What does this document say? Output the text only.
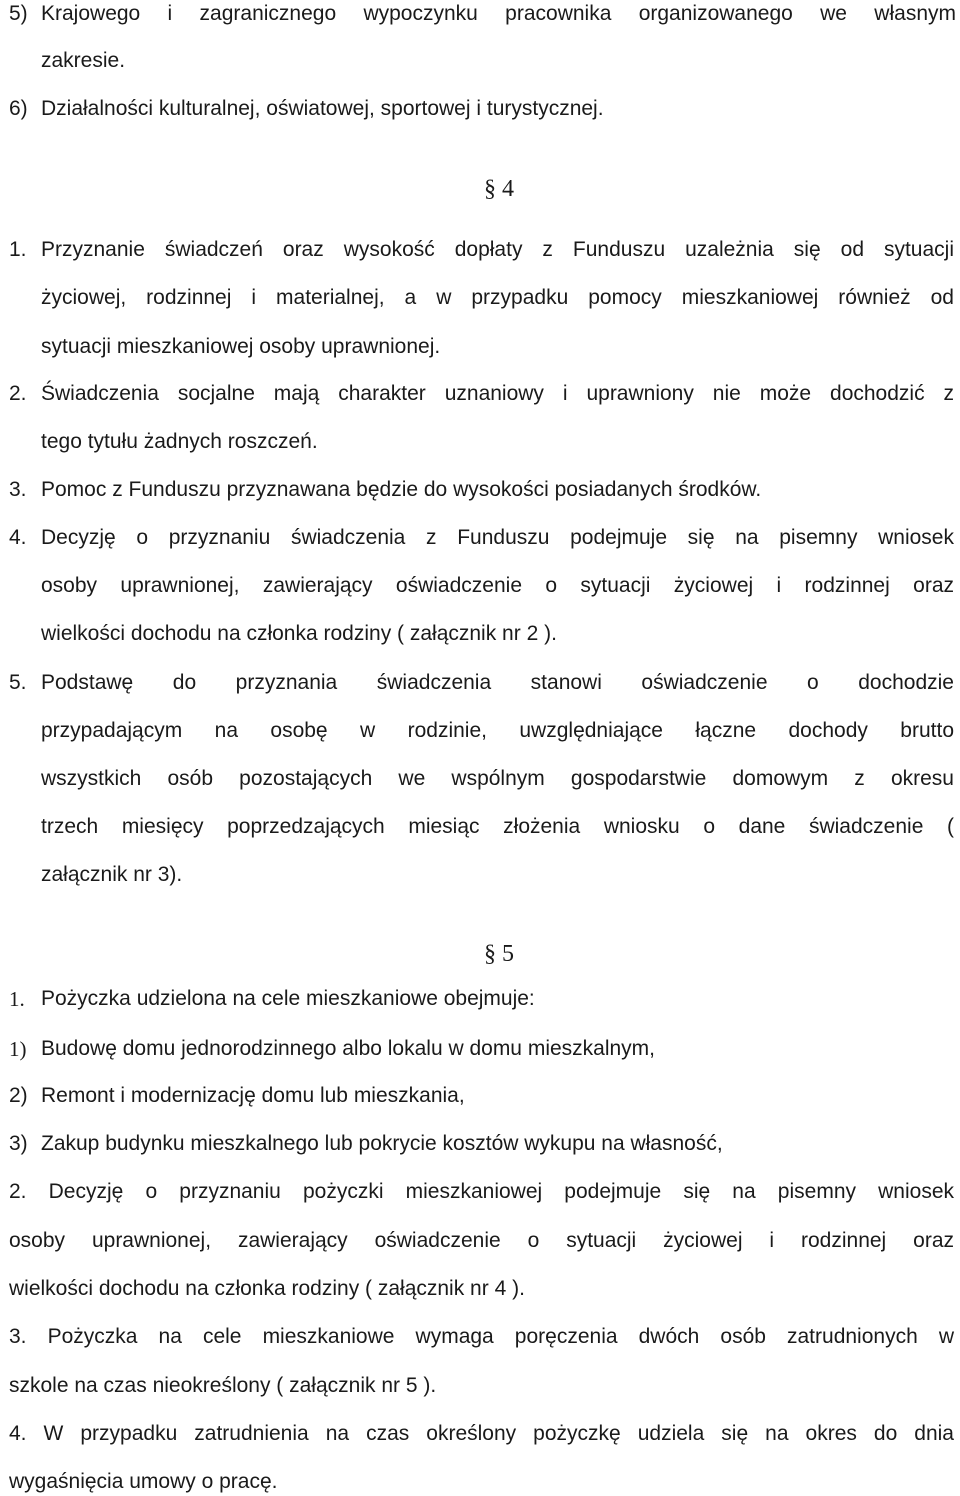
5) Krajowego i zagranicznego wypoczynku pracownika organizowanego we własnym
zakresie.
6) Działalności kulturalnej, oświatowej, sportowej i turystycznej.
§ 4
1. Przyznanie świadczeń oraz wysokość dopłaty z Funduszu uzależnia się od sytuacji
życiowej, rodzinnej i materialnej, a w przypadku pomocy mieszkaniowej również od
sytuacji mieszkaniowej osoby uprawnionej.
2. Świadczenia socjalne mają charakter uznaniowy i uprawniony nie może dochodzić z
tego tytułu żadnych roszczeń.
3. Pomoc z Funduszu przyznawana będzie do wysokości posiadanych środków.
4. Decyzję o przyznaniu świadczenia z Funduszu podejmuje się na pisemny wniosek
osoby uprawnionej, zawierający oświadczenie o sytuacji życiowej i rodzinnej oraz
wielkości dochodu na członka rodziny ( załącznik nr 2 ).
5. Podstawę do przyznania świadczenia stanowi oświadczenie o dochodzie
przypadającym na osobę w rodzinie, uwzględniające łączne dochody brutto
wszystkich osób pozostających we wspólnym gospodarstwie domowym z okresu
trzech miesięcy poprzedzających miesiąc złożenia wniosku o dane świadczenie (
załącznik nr 3).
§ 5
1. Pożyczka udzielona na cele mieszkaniowe obejmuje:
1) Budowę domu jednorodzinnego albo lokalu w domu mieszkalnym,
2) Remont i modernizację domu lub mieszkania,
3) Zakup budynku mieszkalnego lub pokrycie kosztów wykupu na własność,
2. Decyzję o przyznaniu pożyczki mieszkaniowej podejmuje się na pisemny wniosek
osoby uprawnionej, zawierający oświadczenie o sytuacji życiowej i rodzinnej oraz
wielkości dochodu na członka rodziny ( załącznik nr 4 ).
3. Pożyczka na cele mieszkaniowe wymaga poręczenia dwóch osób zatrudnionych w
szkole na czas nieokreślony ( załącznik nr 5 ).
4. W przypadku zatrudnienia na czas określony pożyczkę udziela się na okres do dnia
wygaśnięcia umowy o pracę.
